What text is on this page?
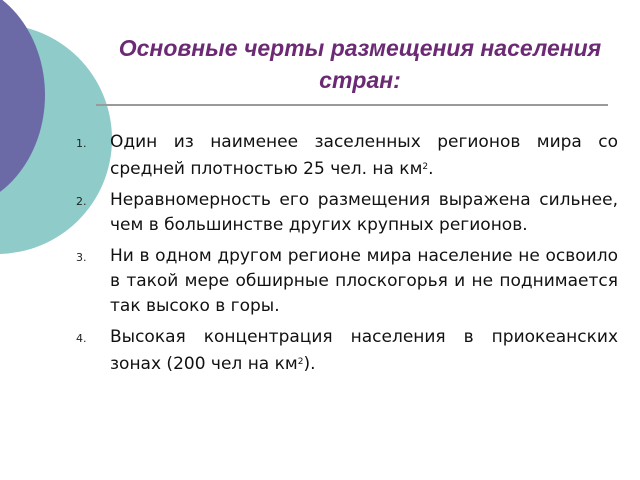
Основные черты размещения населения стран:
1. Один из наименее заселенных регионов мира со средней плотностью 25 чел. на $км^2$.
2. Неравномерность его размещения выражена сильнее, чем в большинстве других крупных регионов.
3. Ни в одном другом регионе мира население не освоило в такой мере обширные плоскогорья и не поднимается так высоко в горы.
4. Высокая концентрация населения в приокеанских зонах (200 чел на $км^2$).
